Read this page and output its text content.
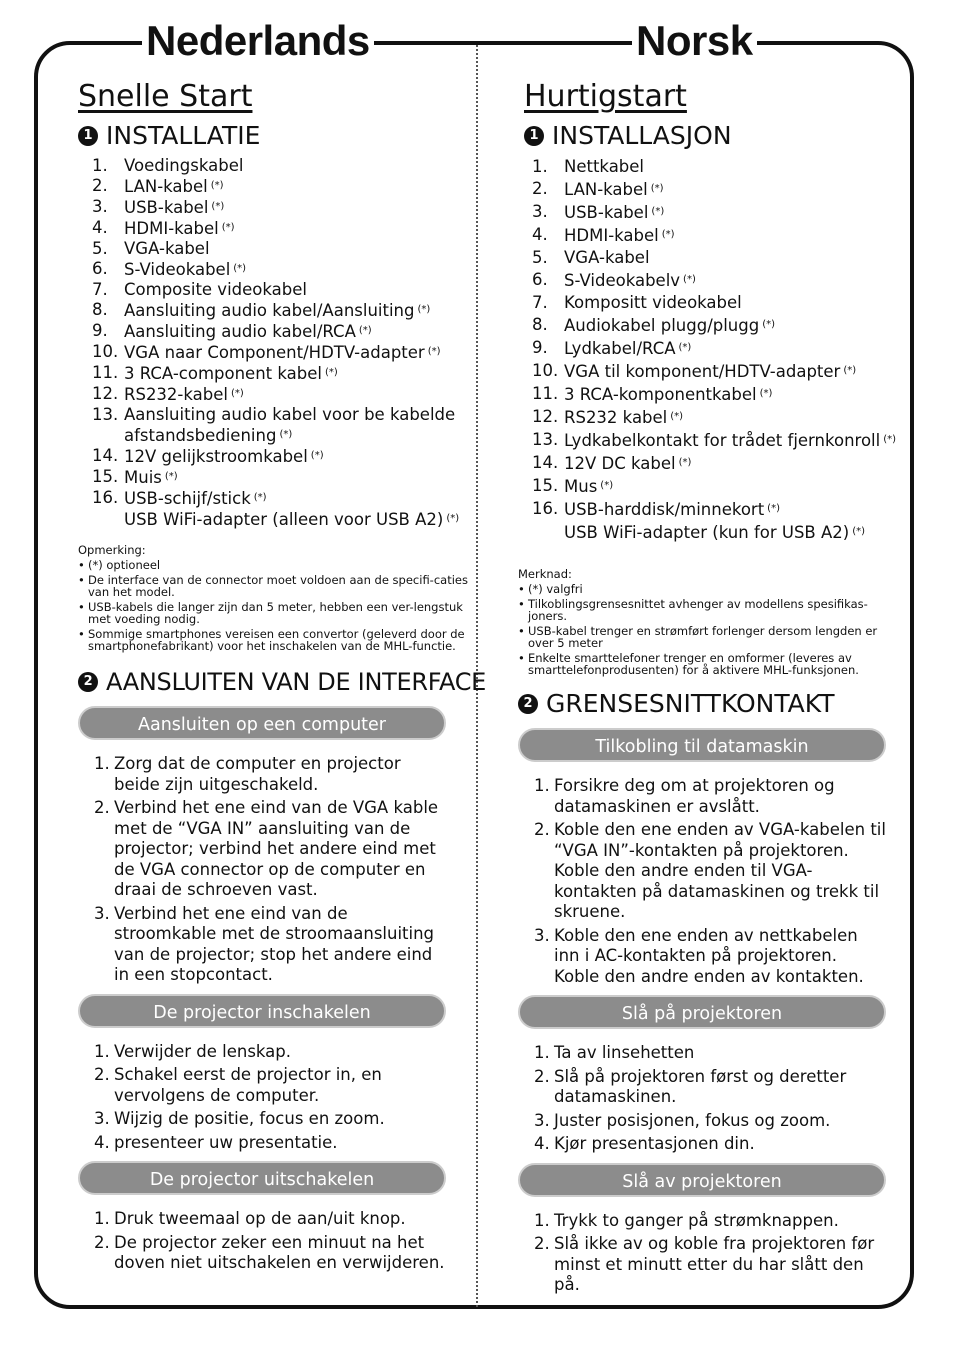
Nederlands	Norsk
Snelle Start
1 INSTALLATIE
1. Voedingskabel
2. LAN-kabel (*)
3. USB-kabel (*)
4. HDMI-kabel (*)
5. VGA-kabel
6. S-Videokabel (*)
7. Composite videokabel
8. Aansluiting audio kabel/Aansluiting (*)
9. Aansluiting audio kabel/RCA (*)
10. VGA naar Component/HDTV-adapter (*)
11. 3 RCA-component kabel (*)
12. RS232-kabel (*)
13. Aansluiting audio kabel voor be kabelde afstandsbediening (*)
14. 12V gelijkstroomkabel (*)
15. Muis (*)
16. USB-schijf/stick (*)
USB WiFi-adapter (alleen voor USB A2) (*)

Opmerking:

• (*) optioneel
• De interface van de connector moet voldoen aan de specifi-caties van het model.
• USB-kabels die langer zijn dan 5 meter, hebben een ver-lengstuk met voeding nodig.
• Sommige smartphones vereisen een convertor (geleverd door de smartphonefabrikant) voor het inschakelen van de MHL-functie.
2 AANSLUITEN VAN DE INTERFACE
Aansluiten op een computer
1. Zorg dat de computer en projector beide zijn uitgeschakeld.
2. Verbind het ene eind van de VGA kable met de “VGA IN” aansluiting van de projector; verbind het andere eind met de VGA connector op de computer en draai de schroeven vast.
3. Verbind het ene eind van de stroomkable met de stroomaansluiting van de projector; stop het andere eind in een stopcontact.
De projector inschakelen
1. Verwijder de lenskap.
2. Schakel eerst de projector in, en vervolgens de computer.
3. Wijzig de positie, focus en zoom.
4. presenteer uw presentatie.
De projector uitschakelen
1. Druk tweemaal op de aan/uit knop.
2. De projector zeker een minuut na het doven niet uitschakelen en verwijderen.
Hurtigstart
1 INSTALLASJON
1. Nettkabel
2. LAN-kabel (*)
3. USB-kabel (*)
4. HDMI-kabel (*)
5. VGA-kabel
6. S-Videokabelv (*)
7. Kompositt videokabel
8. Audiokabel plugg/plugg (*)
9. Lydkabel/RCA (*)
10. VGA til komponent/HDTV-adapter (*)
11. 3 RCA-komponentkabel (*)
12. RS232 kabel (*)
13. Lydkabelkontakt for trådet fjernkonroll (*)
14. 12V DC kabel (*)
15. Mus (*)
16. USB-harddisk/minnekort (*)
USB WiFi-adapter (kun for USB A2) (*)

Merknad:

• (*) valgfri
• Tilkoblingsgrensesnittet avhenger av modellens spesifikas-joners.
• USB-kabel trenger en strømført forlenger dersom lengden er over 5 meter
• Enkelte smarttelefoner trenger en omformer (leveres av smarttelefonprodusenten) for å aktivere MHL-funksjonen.
2 GRENSESNITTKONTAKT
Tilkobling til datamaskin
1. Forsikre deg om at projektoren og datamaskinen er avslått.
2. Koble den ene enden av VGA-kabelen til “VGA IN”-kontakten på projektoren. Koble den andre enden til VGA-kontakten på datamaskinen og trekk til skruene.
3. Koble den ene enden av nettkabelen inn i AC-kontakten på projektoren. Koble den andre enden av kontakten.
Slå på projektoren
1. Ta av linsehetten
2. Slå på projektoren først og deretter datamaskinen.
3. Juster posisjonen, fokus og zoom.
4. Kjør presentasjonen din.
Slå av projektoren
1. Trykk to ganger på strømknappen.
2. Slå ikke av og koble fra projektoren før minst et minutt etter du har slått den på.
